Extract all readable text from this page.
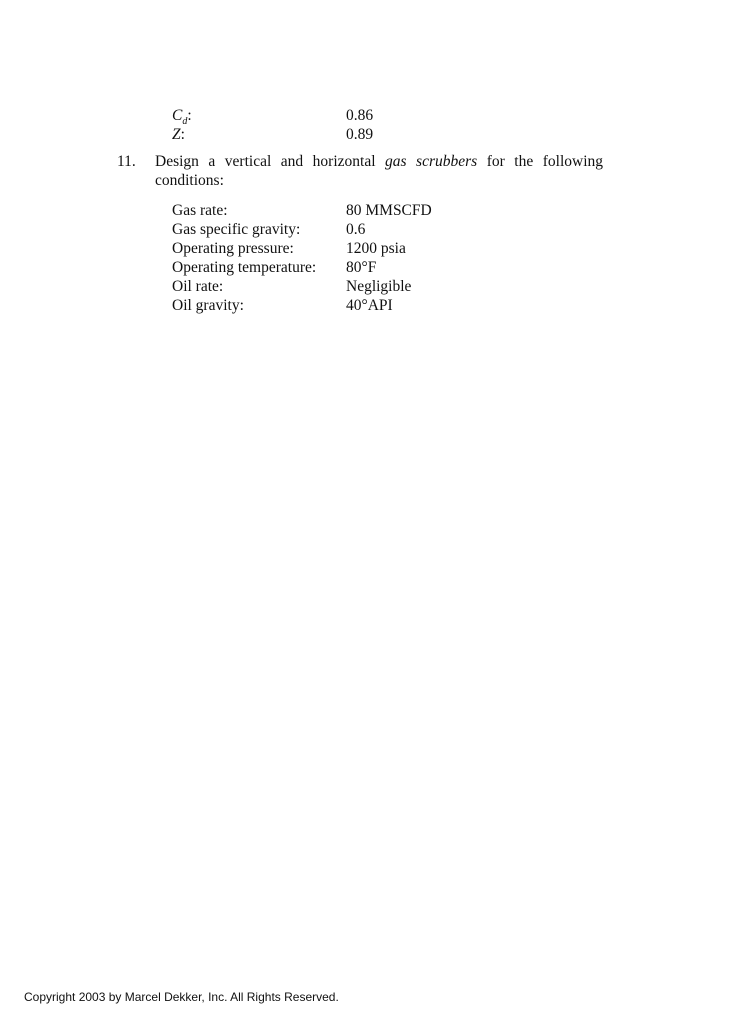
$C_d$:	0.86
Z:	0.89
11. Design a vertical and horizontal gas scrubbers for the following
conditions:
Gas rate:	80 MMSCFD
Gas specific gravity:	0.6
Operating pressure:	1200 psia
Operating temperature: 80°F
Oil rate:	Negligible
Oil gravity:	40°API
Copyright 2003 by Marcel Dekker, Inc. All Rights Reserved.
